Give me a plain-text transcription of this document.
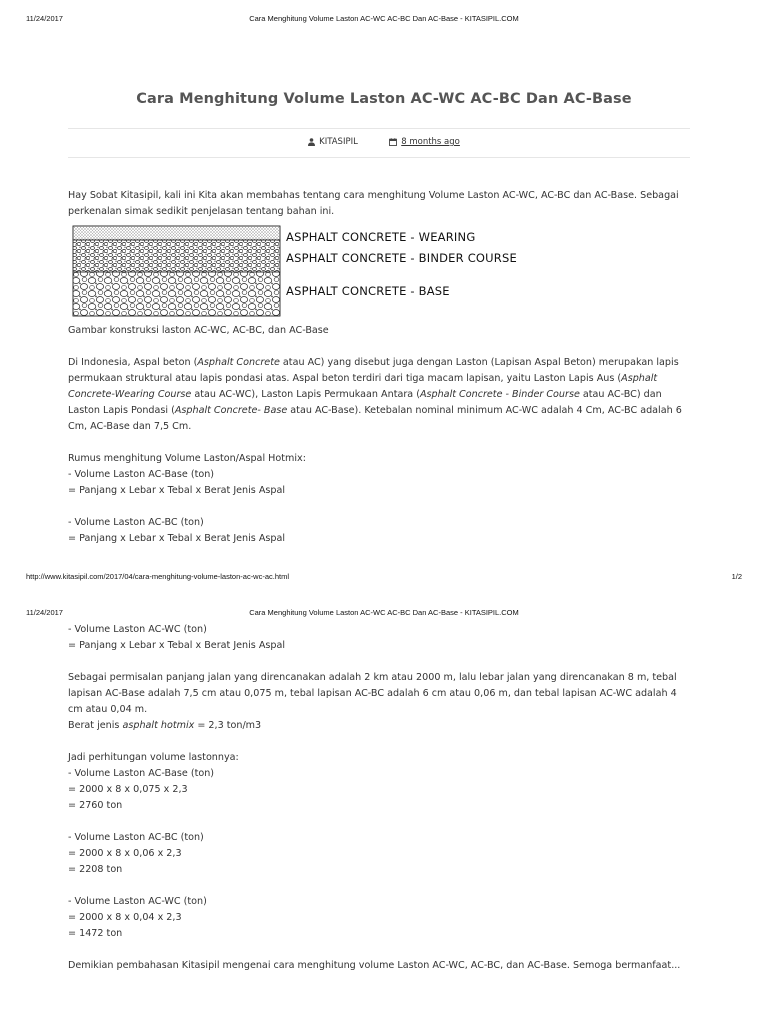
11/24/2017	Cara Menghitung Volume Laston AC-WC AC-BC Dan AC-Base - KITASIPIL.COM
Cara Menghitung Volume Laston AC-WC AC-BC Dan AC-Base
KITASIPIL	8 months ago

Hay Sobat Kitasipil, kali ini Kita akan membahas tentang cara menghitung Volume Laston AC-WC, AC-BC dan AC-Base. Sebagai perkenalan simak sedikit penjelasan tentang bahan ini.

ASPHALT CONCRETE - WEARING
ASPHALT CONCRETE - BINDER COURSE
ASPHALT CONCRETE - BASE

Gambar konstruksi laston AC-WC, AC-BC, dan AC-Base

Di Indonesia, Aspal beton (Asphalt Concrete atau AC) yang disebut juga dengan Laston (Lapisan Aspal Beton) merupakan lapis permukaan struktural atau lapis pondasi atas. Aspal beton terdiri dari tiga macam lapisan, yaitu Laston Lapis Aus (Asphalt Concrete-Wearing Course atau AC-WC), Laston Lapis Permukaan Antara (Asphalt Concrete - Binder Course atau AC-BC) dan Laston Lapis Pondasi (Asphalt Concrete- Base atau AC-Base). Ketebalan nominal minimum AC-WC adalah 4 Cm, AC-BC adalah 6 Cm, AC-Base dan 7,5 Cm.

Rumus menghitung Volume Laston/Aspal Hotmix:

- Volume Laston AC-Base (ton)

= Panjang x Lebar x Tebal x Berat Jenis Aspal

- Volume Laston AC-BC (ton)

= Panjang x Lebar x Tebal x Berat Jenis Aspal

http://www.kitasipil.com/2017/04/cara-menghitung-volume-laston-ac-wc-ac.html	1/2
11/24/2017	Cara Menghitung Volume Laston AC-WC AC-BC Dan AC-Base - KITASIPIL.COM

- Volume Laston AC-WC (ton)

= Panjang x Lebar x Tebal x Berat Jenis Aspal

Sebagai permisalan panjang jalan yang direncanakan adalah 2 km atau 2000 m, lalu lebar jalan yang direncanakan 8 m, tebal lapisan AC-Base adalah 7,5 cm atau 0,075 m, tebal lapisan AC-BC adalah 6 cm atau 0,06 m, dan tebal lapisan AC-WC adalah 4 cm atau 0,04 m.

Berat jenis asphalt hotmix = 2,3 ton/m3

Jadi perhitungan volume lastonnya:

- Volume Laston AC-Base (ton)

= 2000 x 8 x 0,075 x 2,3

= 2760 ton

- Volume Laston AC-BC (ton)

= 2000 x 8 x 0,06 x 2,3

= 2208 ton

- Volume Laston AC-WC (ton)

= 2000 x 8 x 0,04 x 2,3

= 1472 ton

Demikian pembahasan Kitasipil mengenai cara menghitung volume Laston AC-WC, AC-BC, dan AC-Base. Semoga bermanfaat...
